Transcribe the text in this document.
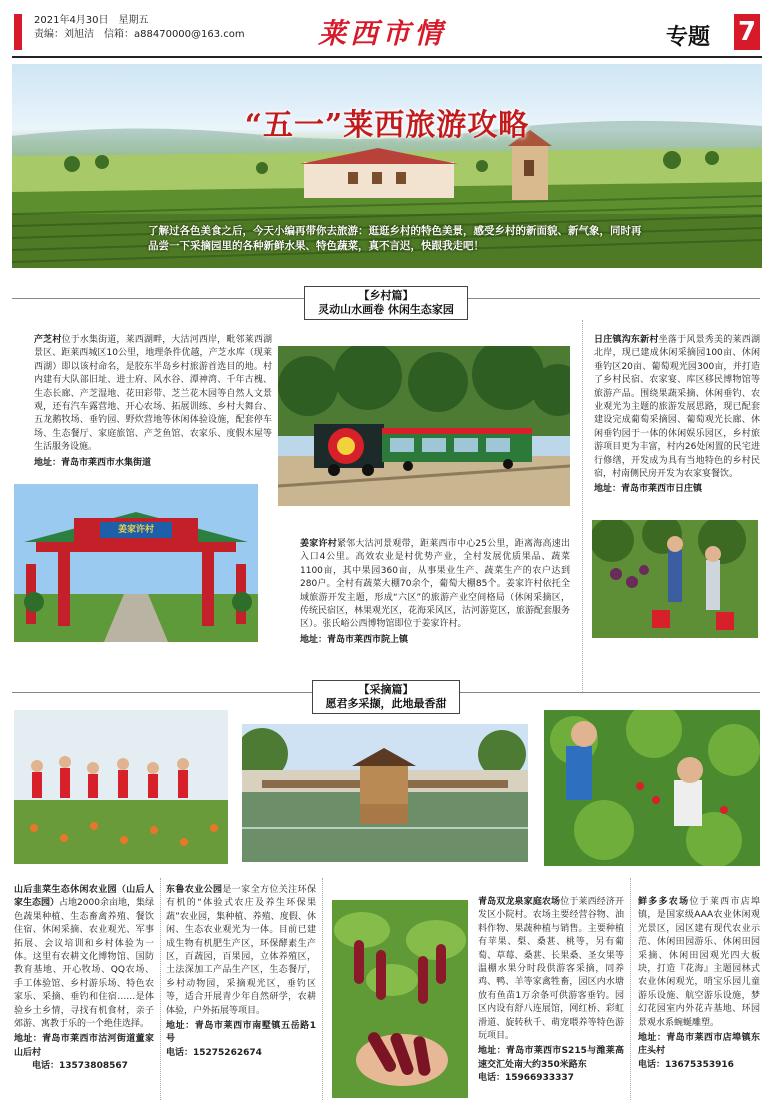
2021年4月30日　星期五
责编：刘旭洁　信箱：a88470000@163.com	莱西市情	专题 7
“五一”莱西旅游攻略
了解过各色美食之后，今天小编再带你去旅游：逛逛乡村的特色美景，感受乡村的新面貌、新气象，同时再品尝一下采摘园里的各种新鲜水果、特色蔬菜，真不言迟，快跟我走吧！
【乡村篇】
灵动山水画卷 休闲生态家园
产芝村位于水集街道，莱西湖畔，大沽河西岸，毗邻莱西湖景区、距莱西城区10公里，地理条件优越，产芝水库（现莱西湖）即以该村命名，是胶东半岛乡村旅游首选目的地。村内建有大队部旧址、进士府、风水谷、潭神湾、千年古槐、生态长廊、产芝湿地、花田彩带、芝兰花木园等自然人文景观，还有汽车露营地、开心农场、拓展训练、乡村大舞台、五龙鹅牧场、垂钓园、野炊营地等休闲体验设施，配套停车场、生态餐厅、家庭旅馆、产芝鱼馆、农家乐、度假木屋等生活服务设施。
地址：青岛市莱西市水集街道
日庄镇沟东新村坐落于风景秀美的莱西湖北岸，现已建成休闲采摘园100亩、休闲垂钓区20亩、葡萄观光园300亩，并打造了乡村民宿、农家宴、库区移民博物馆等旅游产品。围绕果蔬采摘、休闲垂钓、农业观光为主题的旅游发展思路，现已配套建设完成葡萄采摘园、葡萄观光长廊、休闲垂钓园于一体的休闲娱乐园区，乡村旅游项目更为丰富，村内26处闲置的民宅进行修缮，开发成为具有当地特色的乡村民宿，村南侧民房开发为农家宴餐饮。
地址：青岛市莱西市日庄镇
姜家许村
姜家许村紧邻大沽河景观带，距莱西市中心25公里，距离海高速出入口4公里。高效农业是村优势产业，全村发展优质果品、蔬菜1100亩，其中果园360亩，从事果业生产、蔬菜生产的农户达到280户。全村有蔬菜大棚70余个，葡萄大棚85个。姜家许村依托全域旅游开发主题，形成“六区”的旅游产业空间格局（休闲采摘区，传统民宿区，林果观光区，花海采风区，沽河游览区，旅游配套服务区）。张氏峪公西博物馆即位于姜家许村。
地址：青岛市莱西市院上镇
【采摘篇】
愿君多采撷，此地最香甜
山后韭菜生态休闲农业园（山后人家生态园）占地2000余亩地，集绿色蔬果种植、生态畜禽养殖、餐饮住宿、休闲采摘、农业观光、军事拓展、会议培训和乡村体验为一体。这里有农耕文化博物馆、国防教育基地、开心牧场、QQ农场、手工体验馆、乡村游乐场、特色农家乐、采摘、垂钓和住宿……是体验乡土乡情，寻找有机食材，亲子郊游、寓教于乐的一个绝佳选择。
地址：青岛市莱西市沽河街道董家山后村
电话：13573808567
东鲁农业公园是一家全方位关注环保有机的“体验式农庄及养生环保果蔬”农业园，集种植、养殖、度假、休闲、生态农业观光为一体。目前已建成生物有机肥生产区，环保酵素生产区，百蔬园，百果园，立体养殖区，土法深加工产品生产区，生态餐厅，乡村动物园，采摘观光区，垂钓区等，适合开展青少年自然研学，农耕体验，户外拓展等项目。
地址：青岛市莱西市南墅镇五岳路1号
电话：15275262674
青岛双龙泉家庭农场位于莱西经济开发区小院村。农场主要经营谷物、油料作物、果蔬种植与销售。主要种植有苹果、梨、桑葚、桃等，另有葡萄、草莓、桑葚、长果桑、圣女果等温棚水果分时段供游客采摘，同养鸡、鸭、羊等家禽牲畜，园区内水塘放有鱼苗1万余条可供游客垂钓。园区内设有舒八连展馆，网红桥、彩虹滑道、旋转秋千、萌宠喂养等特色游玩项目。
地址：青岛市莱西市S215与潍莱高速交汇处南大约350米路东
电话：15966933337
鲜多多农场位于莱西市店埠镇，是国家级AAA农业休闲观光景区，园区建有现代农业示范、休闲田园游乐、休闲田园采摘、休闲田园观光四大板块，打造『花海』主题园林式农业休闲观光，哨宝乐园儿童游乐设施、航空游乐设施，梦幻花园室内外花卉基地、环园景观水系蜿蜒雕塑。
地址：青岛市莱西市店埠镇东庄头村
电话：13675353916
